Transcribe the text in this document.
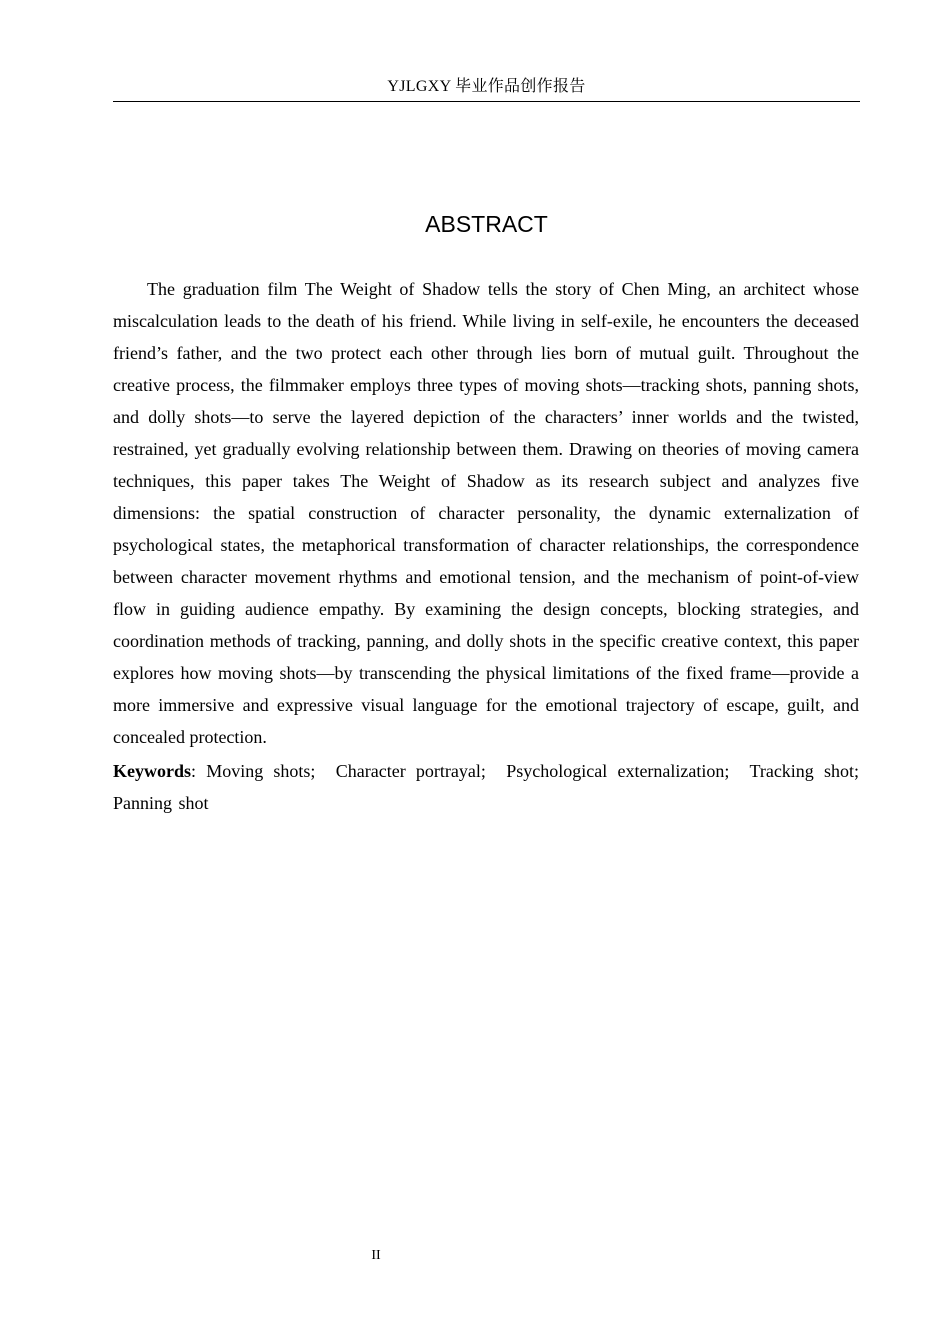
YJLGXY 毕业作品创作报告
ABSTRACT

The graduation film The Weight of Shadow tells the story of Chen Ming, an architect whose miscalculation leads to the death of his friend. While living in self-exile, he encounters the deceased friend’s father, and the two protect each other through lies born of mutual guilt. Throughout the creative process, the filmmaker employs three types of moving shots—tracking shots, panning shots, and dolly shots—to serve the layered depiction of the characters’ inner worlds and the twisted, restrained, yet gradually evolving relationship between them. Drawing on theories of moving camera techniques, this paper takes The Weight of Shadow as its research subject and analyzes five dimensions: the spatial construction of character personality, the dynamic externalization of psychological states, the metaphorical transformation of character relationships, the correspondence between character movement rhythms and emotional tension, and the mechanism of point-of-view flow in guiding audience empathy. By examining the design concepts, blocking strategies, and coordination methods of tracking, panning, and dolly shots in the specific creative context, this paper explores how moving shots—by transcending the physical limitations of the fixed frame—provide a more immersive and expressive visual language for the emotional trajectory of escape, guilt, and concealed protection.

Keywords: Moving shots; Character portrayal; Psychological externalization; Tracking shot; Panning shot

II
